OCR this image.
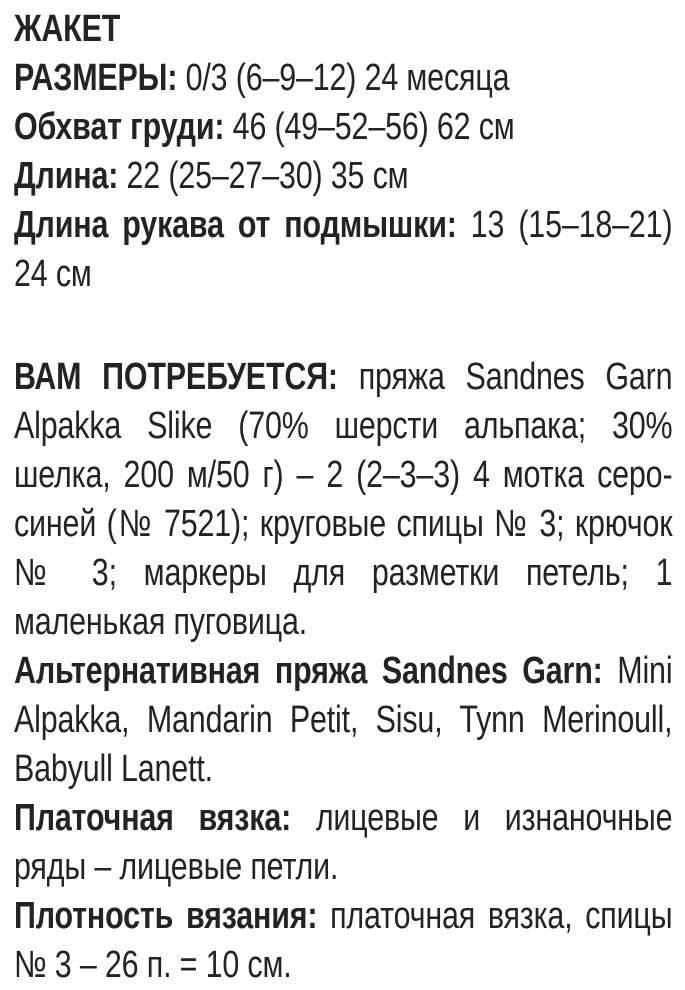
ЖАКЕТ

РАЗМЕРЫ: 0/3 (6–9–12) 24 месяца

Обхват груди: 46 (49–52–56) 62 см

Длина: 22 (25–27–30) 35 см

Длина рукава от подмышки: 13 (15–18–21) 24 см

ВАМ ПОТРЕБУЕТСЯ: пряжа Sandnes Garn Alpakka Slike (70% шерсти альпака; 30% шелка, 200 м/50 г) – 2 (2–3–3) 4 мотка серо-синей (№ 7521); круговые спицы № 3; крючок № 3; маркеры для разметки петель; 1 маленькая пуговица.

Альтернативная пряжа Sandnes Garn: Mini Alpakka, Mandarin Petit, Sisu, Tynn Merinoull, Babyull Lanett.

Платочная вязка: лицевые и изнаночные ряды – лицевые петли.

Плотность вязания: платочная вязка, спицы № 3 – 26 п. = 10 см.
